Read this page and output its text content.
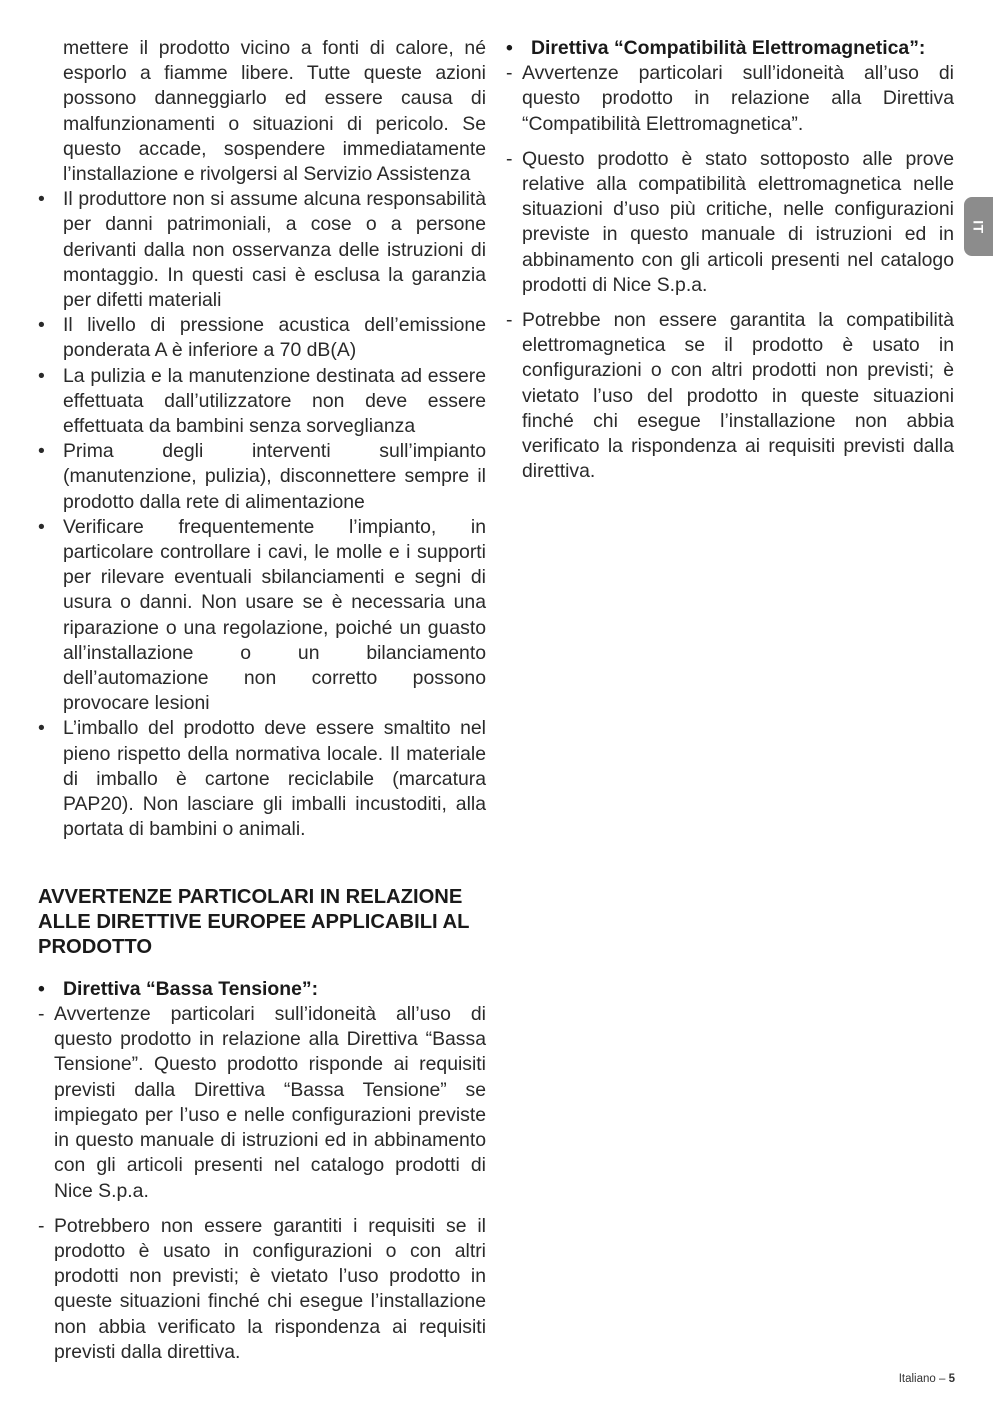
mettere il prodotto vicino a fonti di calore, né esporlo a fiamme libere. Tutte queste azioni possono danneggiarlo ed essere causa di malfunzionamenti o situazioni di pericolo. Se questo accade, sospendere immediatamente l’installazione e rivolgersi al Servizio Assistenza

• Il produttore non si assume alcuna responsabilità per danni patrimoniali, a cose o a persone derivanti dalla non osservanza delle istruzioni di montaggio. In questi casi è esclusa la garanzia per difetti materiali
• Il livello di pressione acustica dell’emissione ponderata A è inferiore a 70 dB(A)
• La pulizia e la manutenzione destinata ad essere effettuata dall’utilizzatore non deve essere effettuata da bambini senza sorveglianza
• Prima degli interventi sull’impianto (manutenzione, pulizia), disconnettere sempre il prodotto dalla rete di alimentazione
• Verificare frequentemente l’impianto, in particolare controllare i cavi, le molle e i supporti per rilevare eventuali sbilanciamenti e segni di usura o danni. Non usare se è necessaria una riparazione o una regolazione, poiché un guasto all’installazione o un bilanciamento dell’automazione non corretto possono provocare lesioni
• L’imballo del prodotto deve essere smaltito nel pieno rispetto della normativa locale. Il materiale di imballo è cartone reciclabile (marcatura PAP20). Non lasciare gli imballi incustoditi, alla portata di bambini o animali.
AVVERTENZE PARTICOLARI IN RELAZIONE ALLE DIRETTIVE EUROPEE APPLICABILI AL PRODOTTO
• Direttiva “Bassa Tensione”:
- Avvertenze particolari sull’idoneità all’uso di questo prodotto in relazione alla Direttiva “Bassa Tensione”. Questo prodotto risponde ai requisiti previsti dalla Direttiva “Bassa Tensione” se impiegato per l’uso e nelle configurazioni previste in questo manuale di istruzioni ed in abbinamento con gli articoli presenti nel catalogo prodotti di Nice S.p.a.
- Potrebbero non essere garantiti i requisiti se il prodotto è usato in configurazioni o con altri prodotti non previsti; è vietato l’uso prodotto in queste situazioni finché chi esegue l’installazione non abbia verificato la rispondenza ai requisiti previsti dalla direttiva.
• Direttiva “Compatibilità Elettromagnetica”:
- Avvertenze particolari sull’idoneità all’uso di questo prodotto in relazione alla Direttiva “Compatibilità Elettromagnetica”.
- Questo prodotto è stato sottoposto alle prove relative alla compatibilità elettromagnetica nelle situazioni d’uso più critiche, nelle configurazioni previste in questo manuale di istruzioni ed in abbinamento con gli articoli presenti nel catalogo prodotti di Nice S.p.a.
- Potrebbe non essere garantita la compatibilità elettromagnetica se il prodotto è usato in configurazioni o con altri prodotti non previsti; è vietato l’uso del prodotto in queste situazioni finché chi esegue l’installazione non abbia verificato la rispondenza ai requisiti previsti dalla direttiva.
IT
Italiano – 5
